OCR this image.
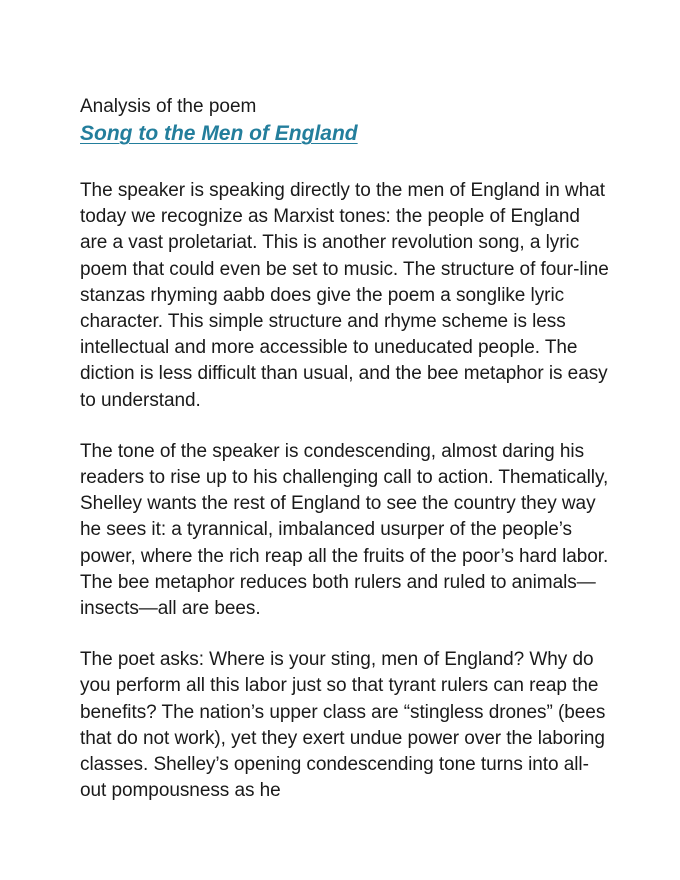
Analysis of the poem

Song to the Men of England

The speaker is speaking directly to the men of England in what today we recognize as Marxist tones: the people of England are a vast proletariat. This is another revolution song, a lyric poem that could even be set to music. The structure of four-line stanzas rhyming aabb does give the poem a songlike lyric character. This simple structure and rhyme scheme is less intellectual and more accessible to uneducated people. The diction is less difficult than usual, and the bee metaphor is easy to understand.

The tone of the speaker is condescending, almost daring his readers to rise up to his challenging call to action. Thematically, Shelley wants the rest of England to see the country they way he sees it: a tyrannical, imbalanced usurper of the people’s power, where the rich reap all the fruits of the poor’s hard labor. The bee metaphor reduces both rulers and ruled to animals—insects—all are bees.

The poet asks: Where is your sting, men of England? Why do you perform all this labor just so that tyrant rulers can reap the benefits? The nation’s upper class are “stingless drones” (bees that do not work), yet they exert undue power over the laboring classes. Shelley’s opening condescending tone turns into all-out pompousness as he
